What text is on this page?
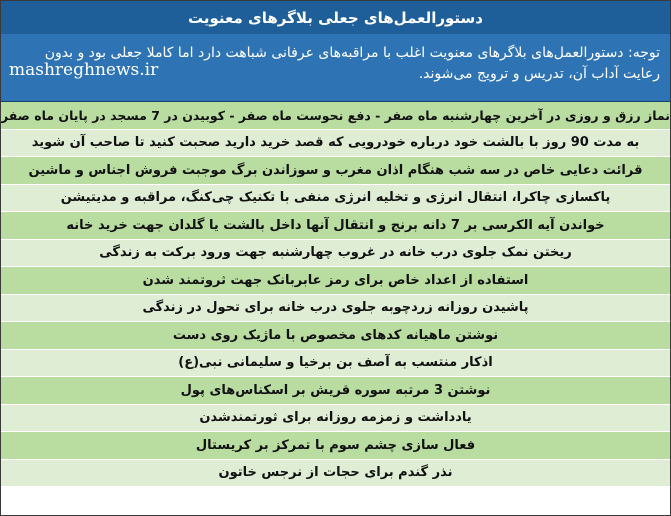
دستورالعمل‌های جعلی بلاگرهای معنویت
توجه: دستورالعمل‌های بلاگرهای معنویت اغلب با مراقبه‌های عرفانی شباهت دارد اما کاملا جعلی بود و بدون رعایت آداب آن، تدریس و ترویج می‌شوند.
mashreghnews.ir
نماز رزق و روزی در آخرین چهارشنبه ماه صفر - دفع نحوست ماه صفر - کوبیدن در 7 مسجد در پایان ماه صفر
به مدت 90 روز با بالشت خود درباره خودرویی که قصد خرید دارید صحبت کنید تا صاحب آن شوید
قرائت دعایی خاص در سه شب هنگام اذان مغرب و سوزاندن برگ موجبت فروش اجناس و ماشین
پاکسازی چاکرا، انتقال انرژی و تخلیه انرژی منفی با تکنیک چی‌کنگ، مراقبه و مدیتیشن
خواندن آیه الکرسی بر 7 دانه برنج و انتقال آنها داخل بالشت یا گلدان جهت خرید خانه
ریختن نمک جلوی درب خانه در غروب چهارشنبه جهت ورود برکت به زندگی
استفاده از اعداد خاص برای رمز عابربانک جهت ثروتمند شدن
پاشیدن روزانه زردچوبه جلوی درب خانه برای تحول در زندگی
نوشتن ماهیانه کدهای مخصوص با ماژیک روی دست
اذکار منتسب به آصف بن برخیا و سلیمانی نبی(ع)
نوشتن 3 مرتبه سوره قریش بر اسکناس‌های پول
یادداشت و زمزمه روزانه برای ثورتمندشدن
فعال سازی چشم سوم با تمرکز بر کریستال
نذر گندم برای حجات از نرجس خاتون
